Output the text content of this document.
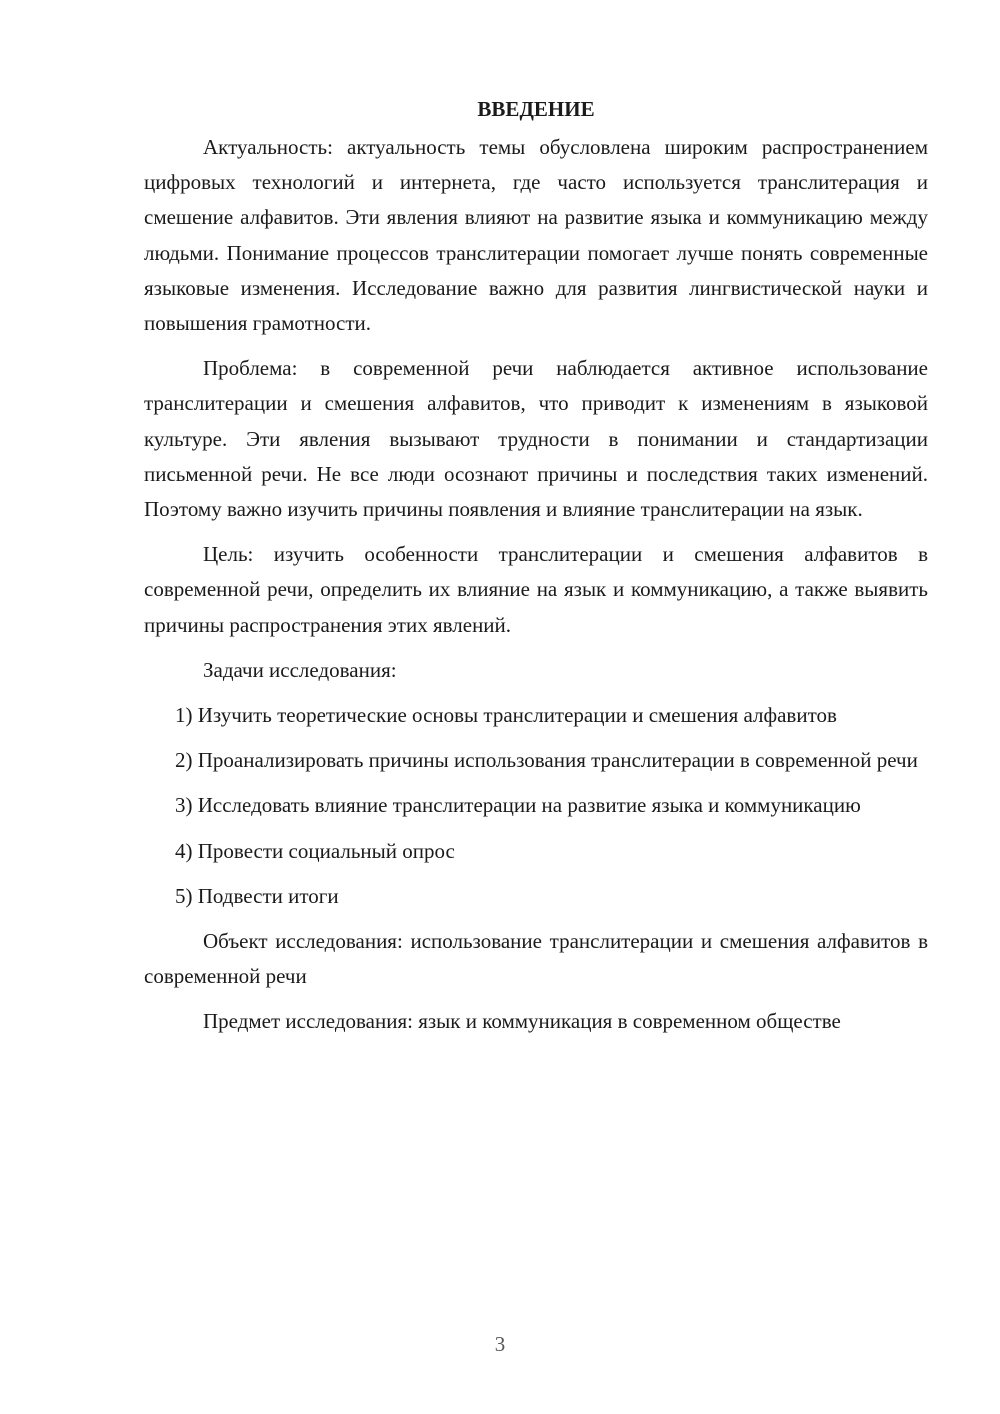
ВВЕДЕНИЕ

Актуальность: актуальность темы обусловлена широким распространением цифровых технологий и интернета, где часто используется транслитерация и смешение алфавитов. Эти явления влияют на развитие языка и коммуникацию между людьми. Понимание процессов транслитерации помогает лучше понять современные языковые изменения. Исследование важно для развития лингвистической науки и повышения грамотности.

Проблема: в современной речи наблюдается активное использование транслитерации и смешения алфавитов, что приводит к изменениям в языковой культуре. Эти явления вызывают трудности в понимании и стандартизации письменной речи. Не все люди осознают причины и последствия таких изменений. Поэтому важно изучить причины появления и влияние транслитерации на язык.

Цель: изучить особенности транслитерации и смешения алфавитов в современной речи, определить их влияние на язык и коммуникацию, а также выявить причины распространения этих явлений.

Задачи исследования:

1) Изучить теоретические основы транслитерации и смешения алфавитов

2) Проанализировать причины использования транслитерации в современной речи

3) Исследовать влияние транслитерации на развитие языка и коммуникацию

4) Провести социальный опрос

5) Подвести итоги

Объект исследования: использование транслитерации и смешения алфавитов в современной речи

Предмет исследования: язык и коммуникация в современном обществе

3
